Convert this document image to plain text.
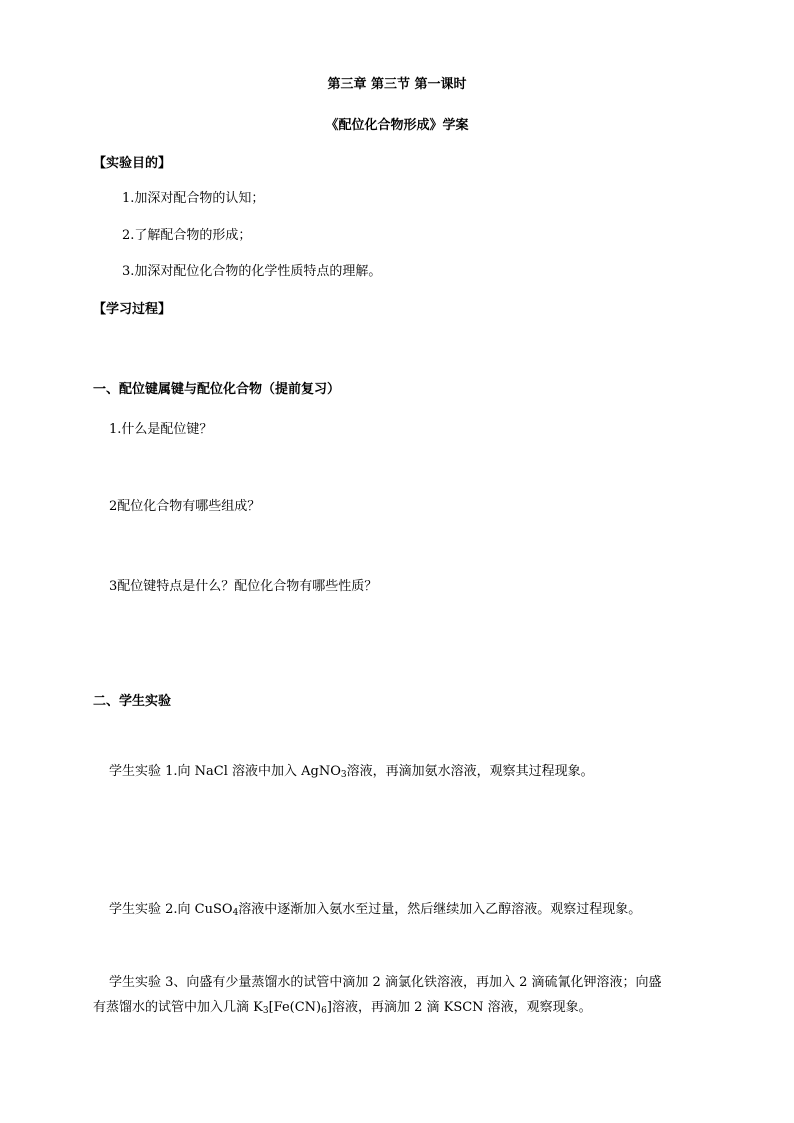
第三章 第三节 第一课时
《配位化合物形成》学案
【实验目的】
1.加深对配合物的认知；
2.了解配合物的形成；
3.加深对配位化合物的化学性质特点的理解。
【学习过程】
一、配位键属键与配位化合物（提前复习）
1.什么是配位键？
2配位化合物有哪些组成？
3配位键特点是什么？配位化合物有哪些性质？
二、学生实验
学生实验 1.向 NaCl 溶液中加入 AgNO$_3$溶液，再滴加氨水溶液，观察其过程现象。
学生实验 2.向 CuSO$_4$溶液中逐渐加入氨水至过量，然后继续加入乙醇溶液。观察过程现象。
学生实验 3、向盛有少量蒸馏水的试管中滴加 2 滴氯化铁溶液，再加入 2 滴硫氰化钾溶液；向盛
有蒸馏水的试管中加入几滴 $K_3[Fe(CN)_6]$溶液，再滴加 2 滴 KSCN 溶液，观察现象。
